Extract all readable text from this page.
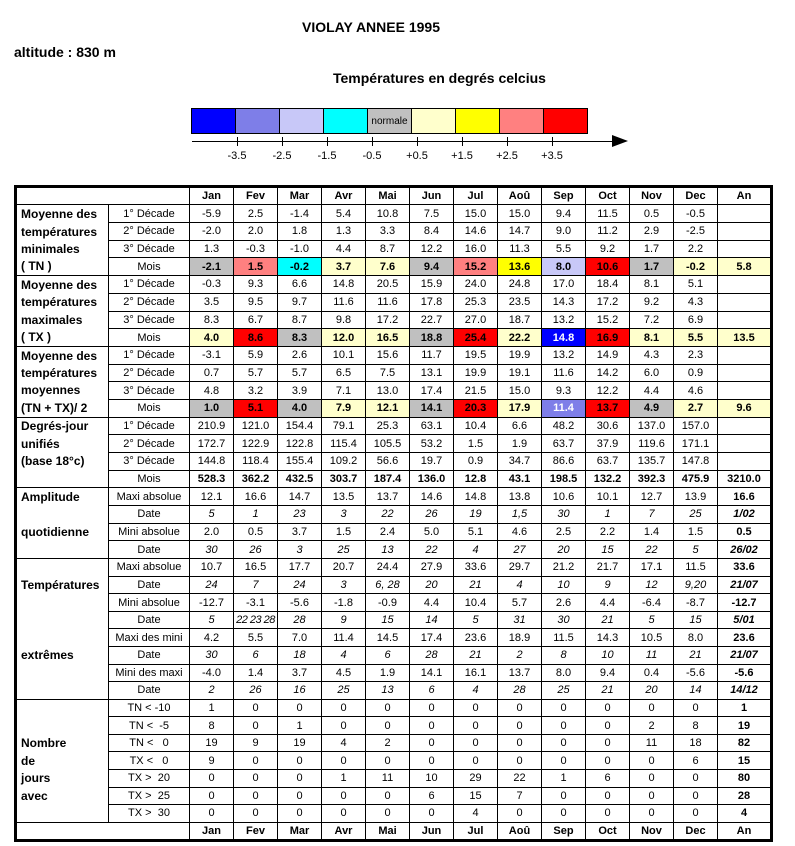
VIOLAY ANNEE 1995
altitude : 830 m
Températures en degrés celcius
normale
-3.5	-2.5	-1.5	-0.5	+0.5	+1.5	+2.5	+3.5
		Jan	Fev	Mar	Avr	Mai	Jun	Jul	Aoû	Sep	Oct	Nov	Dec	An

Moyenne des
températures
minimales
( TN )	1° Décade	-5.9	2.5	-1.4	5.4	10.8	7.5	15.0	15.0	9.4	11.5	0.5	-0.5	
	2° Décade	-2.0	2.0	1.8	1.3	3.3	8.4	14.6	14.7	9.0	11.2	2.9	-2.5	
	3° Décade	1.3	-0.3	-1.0	4.4	8.7	12.2	16.0	11.3	5.5	9.2	1.7	2.2	
	Mois	-2.1	1.5	-0.2	3.7	7.6	9.4	15.2	13.6	8.0	10.6	1.7	-0.2	5.8

Moyenne des
températures
maximales
( TX )	1° Décade	-0.3	9.3	6.6	14.8	20.5	15.9	24.0	24.8	17.0	18.4	8.1	5.1	
	2° Décade	3.5	9.5	9.7	11.6	11.6	17.8	25.3	23.5	14.3	17.2	9.2	4.3	
	3° Décade	8.3	6.7	8.7	9.8	17.2	22.7	27.0	18.7	13.2	15.2	7.2	6.9	
	Mois	4.0	8.6	8.3	12.0	16.5	18.8	25.4	22.2	14.8	16.9	8.1	5.5	13.5

Moyenne des
températures
moyennes
(TN + TX)/ 2	1° Décade	-3.1	5.9	2.6	10.1	15.6	11.7	19.5	19.9	13.2	14.9	4.3	2.3	
	2° Décade	0.7	5.7	5.7	6.5	7.5	13.1	19.9	19.1	11.6	14.2	6.0	0.9	
	3° Décade	4.8	3.2	3.9	7.1	13.0	17.4	21.5	15.0	9.3	12.2	4.4	4.6	
	Mois	1.0	5.1	4.0	7.9	12.1	14.1	20.3	17.9	11.4	13.7	4.9	2.7	9.6

Degrés-jour
unifiés
(base 18°c)	1° Décade	210.9	121.0	154.4	79.1	25.3	63.1	10.4	6.6	48.2	30.6	137.0	157.0	
	2° Décade	172.7	122.9	122.8	115.4	105.5	53.2	1.5	1.9	63.7	37.9	119.6	171.1	
	3° Décade	144.8	118.4	155.4	109.2	56.6	19.7	0.9	34.7	86.6	63.7	135.7	147.8	
	Mois	528.3	362.2	432.5	303.7	187.4	136.0	12.8	43.1	198.5	132.2	392.3	475.9	3210.0

Amplitude
quotidienne	Maxi absolue	12.1	16.6	14.7	13.5	13.7	14.6	14.8	13.8	10.6	10.1	12.7	13.9	16.6
	Date	5	1	23	3	22	26	19	1,5	30	1	7	25	1/02
	Mini absolue	2.0	0.5	3.7	1.5	2.4	5.0	5.1	4.6	2.5	2.2	1.4	1.5	0.5
	Date	30	26	3	25	13	22	4	27	20	15	22	5	26/02

Températures
extrêmes	Maxi absolue	10.7	16.5	17.7	20.7	24.4	27.9	33.6	29.7	21.2	21.7	17.1	11.5	33.6
	Date	24	7	24	3	6, 28	20	21	4	10	9	12	9,20	21/07
	Mini absolue	-12.7	-3.1	-5.6	-1.8	-0.9	4.4	10.4	5.7	2.6	4.4	-6.4	-8.7	-12.7
	Date	5	22 23 28	28	9	15	14	5	31	30	21	5	15	5/01
	Maxi des mini	4.2	5.5	7.0	11.4	14.5	17.4	23.6	18.9	11.5	14.3	10.5	8.0	23.6
	Date	30	6	18	4	6	28	21	2	8	10	11	21	21/07
	Mini des maxi	-4.0	1.4	3.7	4.5	1.9	14.1	16.1	13.7	8.0	9.4	0.4	-5.6	-5.6
	Date	2	26	16	25	13	6	4	28	25	21	20	14	14/12

Nombre
de
jours
avec	TN < -10	1	0	0	0	0	0	0	0	0	0	0	0	1
	TN <  -5	8	0	1	0	0	0	0	0	0	0	2	8	19
	TN <   0	19	9	19	4	2	0	0	0	0	0	11	18	82
	TX <   0	9	0	0	0	0	0	0	0	0	0	0	6	15
	TX >  20	0	0	0	1	11	10	29	22	1	6	0	0	80
	TX >  25	0	0	0	0	0	6	15	7	0	0	0	0	28
	TX >  30	0	0	0	0	0	0	4	0	0	0	0	0	4
		Jan	Fev	Mar	Avr	Mai	Jun	Jul	Aoû	Sep	Oct	Nov	Dec	An
